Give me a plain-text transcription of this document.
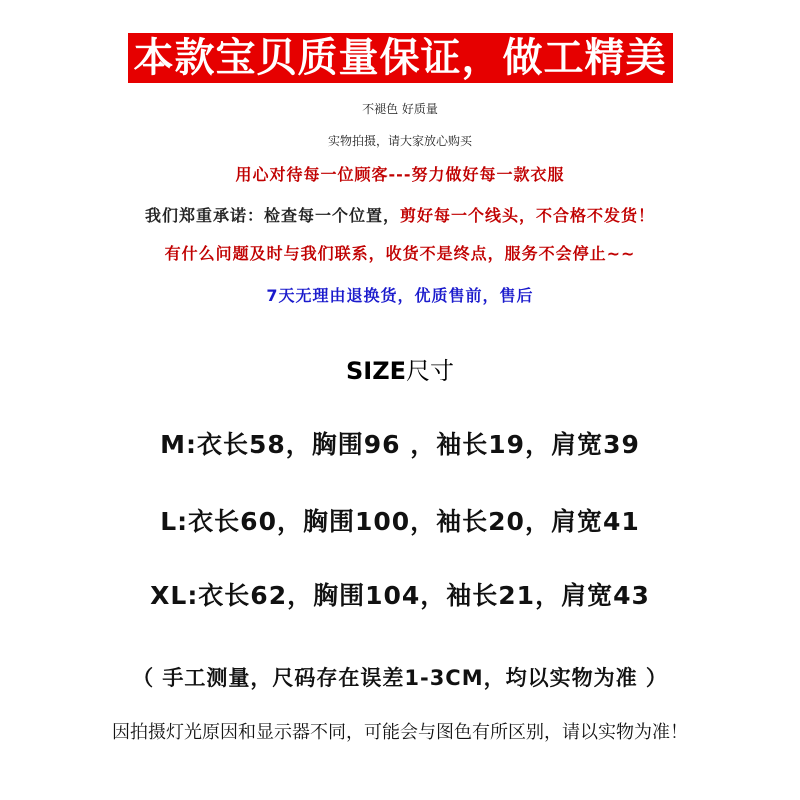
本款宝贝质量保证，做工精美
不褪色 好质量
实物拍摄，请大家放心购买
用心对待每一位顾客---努力做好每一款衣服
我们郑重承诺：检查每一个位置，剪好每一个线头，不合格不发货！
有什么问题及时与我们联系，收货不是终点，服务不会停止~~
7天无理由退换货，优质售前，售后
SIZE尺寸
M:衣长58，胸围96 ，袖长19，肩宽39
L:衣长60，胸围100，袖长20，肩宽41
XL:衣长62，胸围104，袖长21，肩宽43
（ 手工测量，尺码存在误差1-3CM，均以实物为准 ）
因拍摄灯光原因和显示器不同，可能会与图色有所区别，请以实物为准！
